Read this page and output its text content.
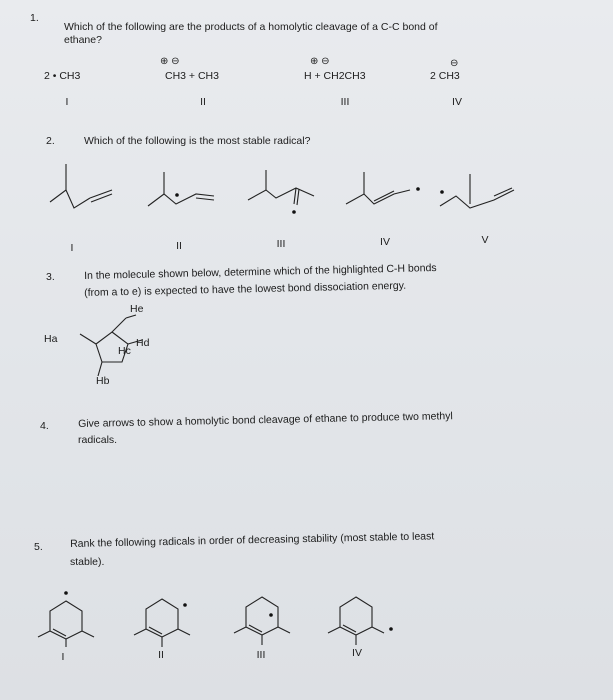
1.
Which of the following are the products of a homolytic cleavage of a C-C bond of
ethane?
2 • CH3	CH3 + CH3
⊕ ⊖
H + CH2CH3
⊕ ⊖
2 CH3
⊖
I	II	III	IV
2.	Which of the following is the most stable radical?
I	II	III	IV	V
3.	In the molecule shown below, determine which of the highlighted C-H bonds
(from a to e) is expected to have the lowest bond dissociation energy.
Ha
Hb
Hc
Hd
He
4.	Give arrows to show a homolytic bond cleavage of ethane to produce two methyl
radicals.
5.	Rank the following radicals in order of decreasing stability (most stable to least
stable).
I	II	III	IV
